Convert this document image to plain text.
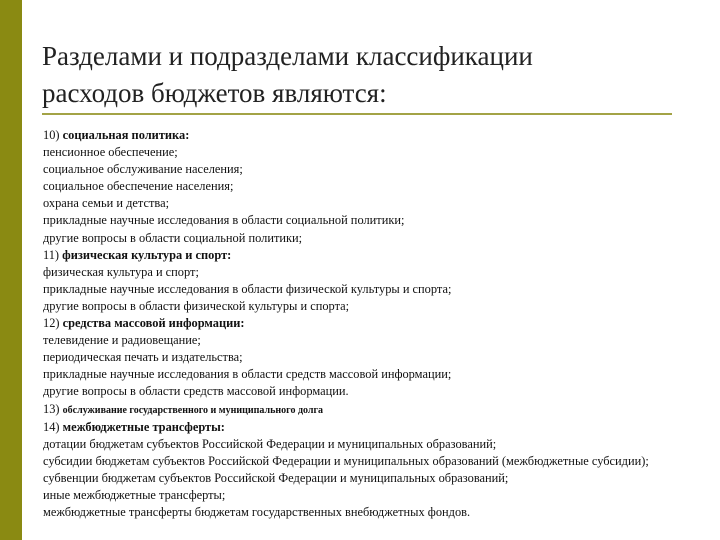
Разделами и подразделами классификации
расходов бюджетов являются:
10) социальная политика:
пенсионное обеспечение;
социальное обслуживание населения;
социальное обеспечение населения;
охрана семьи и детства;
прикладные научные исследования в области социальной политики;
другие вопросы в области социальной политики;
11) физическая культура и спорт:
физическая культура и спорт;
прикладные научные исследования в области физической культуры и спорта;
другие вопросы в области физической культуры и спорта;
12) средства массовой информации:
телевидение и радиовещание;
периодическая печать и издательства;
прикладные научные исследования в области средств массовой информации;
другие вопросы в области средств массовой информации.
13) обслуживание государственного и муниципального долга
14) межбюджетные трансферты:
дотации бюджетам субъектов Российской Федерации и муниципальных образований;
субсидии бюджетам субъектов Российской Федерации и муниципальных образований (межбюджетные субсидии);
субвенции бюджетам субъектов Российской Федерации и муниципальных образований;
иные межбюджетные трансферты;
межбюджетные трансферты бюджетам государственных внебюджетных фондов.
